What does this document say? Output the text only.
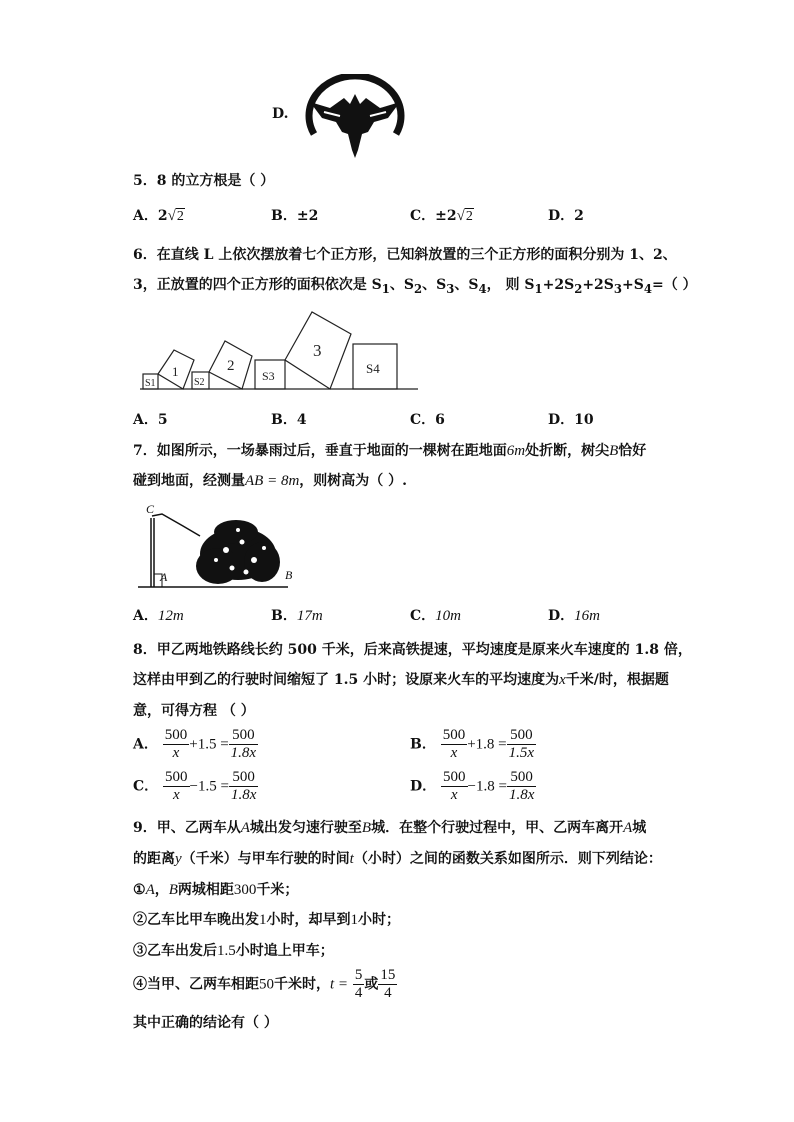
D.
5．8 的立方根是（ ）
A．2√2	B．±2	C．±2√2	D．2
6．在直线 L 上依次摆放着七个正方形，已知斜放置的三个正方形的面积分别为 1、2、
3，正放置的四个正方形的面积依次是 $S_1$、$S_2$、$S_3$、$S_4$， 则 $S_1+2S_2+2S_3+S_4=$（ ）
S1
1
S2
2
S3
3
S4
A．5	B．4	C．6	D．10
7．如图所示，一场暴雨过后，垂直于地面的一棵树在距地面6m处折断，树尖B恰好
碰到地面，经测量AB = 8m，则树高为（ ）.
C
A	B
A．12m	B．17m	C．10m	D．16m
8．甲乙两地铁路线长约 500 千米，后来高铁提速，平均速度是原来火车速度的 1.8 倍，
这样由甲到乙的行驶时间缩短了 1.5 小时；设原来火车的平均速度为x千米/时，根据题
意，可得方程 （ ）
A． $\frac{500}{x} +1.5 = \frac{500}{1.8x}$	B． $\frac{500}{x} +1.8 = \frac{500}{1.5x}$
C． $\frac{500}{x} -1.5 = \frac{500}{1.8x}$	D． $\frac{500}{x} -1.8 = \frac{500}{1.8x}$
9．甲、乙两车从A城出发匀速行驶至B城．在整个行驶过程中，甲、乙两车离开A城
的距离y（千米）与甲车行驶的时间t（小时）之间的函数关系如图所示．则下列结论：
①A，B两城相距300千米；
②乙车比甲车晚出发1小时，却早到1小时；
③乙车出发后1.5小时追上甲车；
④当甲、乙两车相距50千米时，$t = \frac{5}{4}$ 或 $\frac{15}{4}$
其中正确的结论有（ ）
